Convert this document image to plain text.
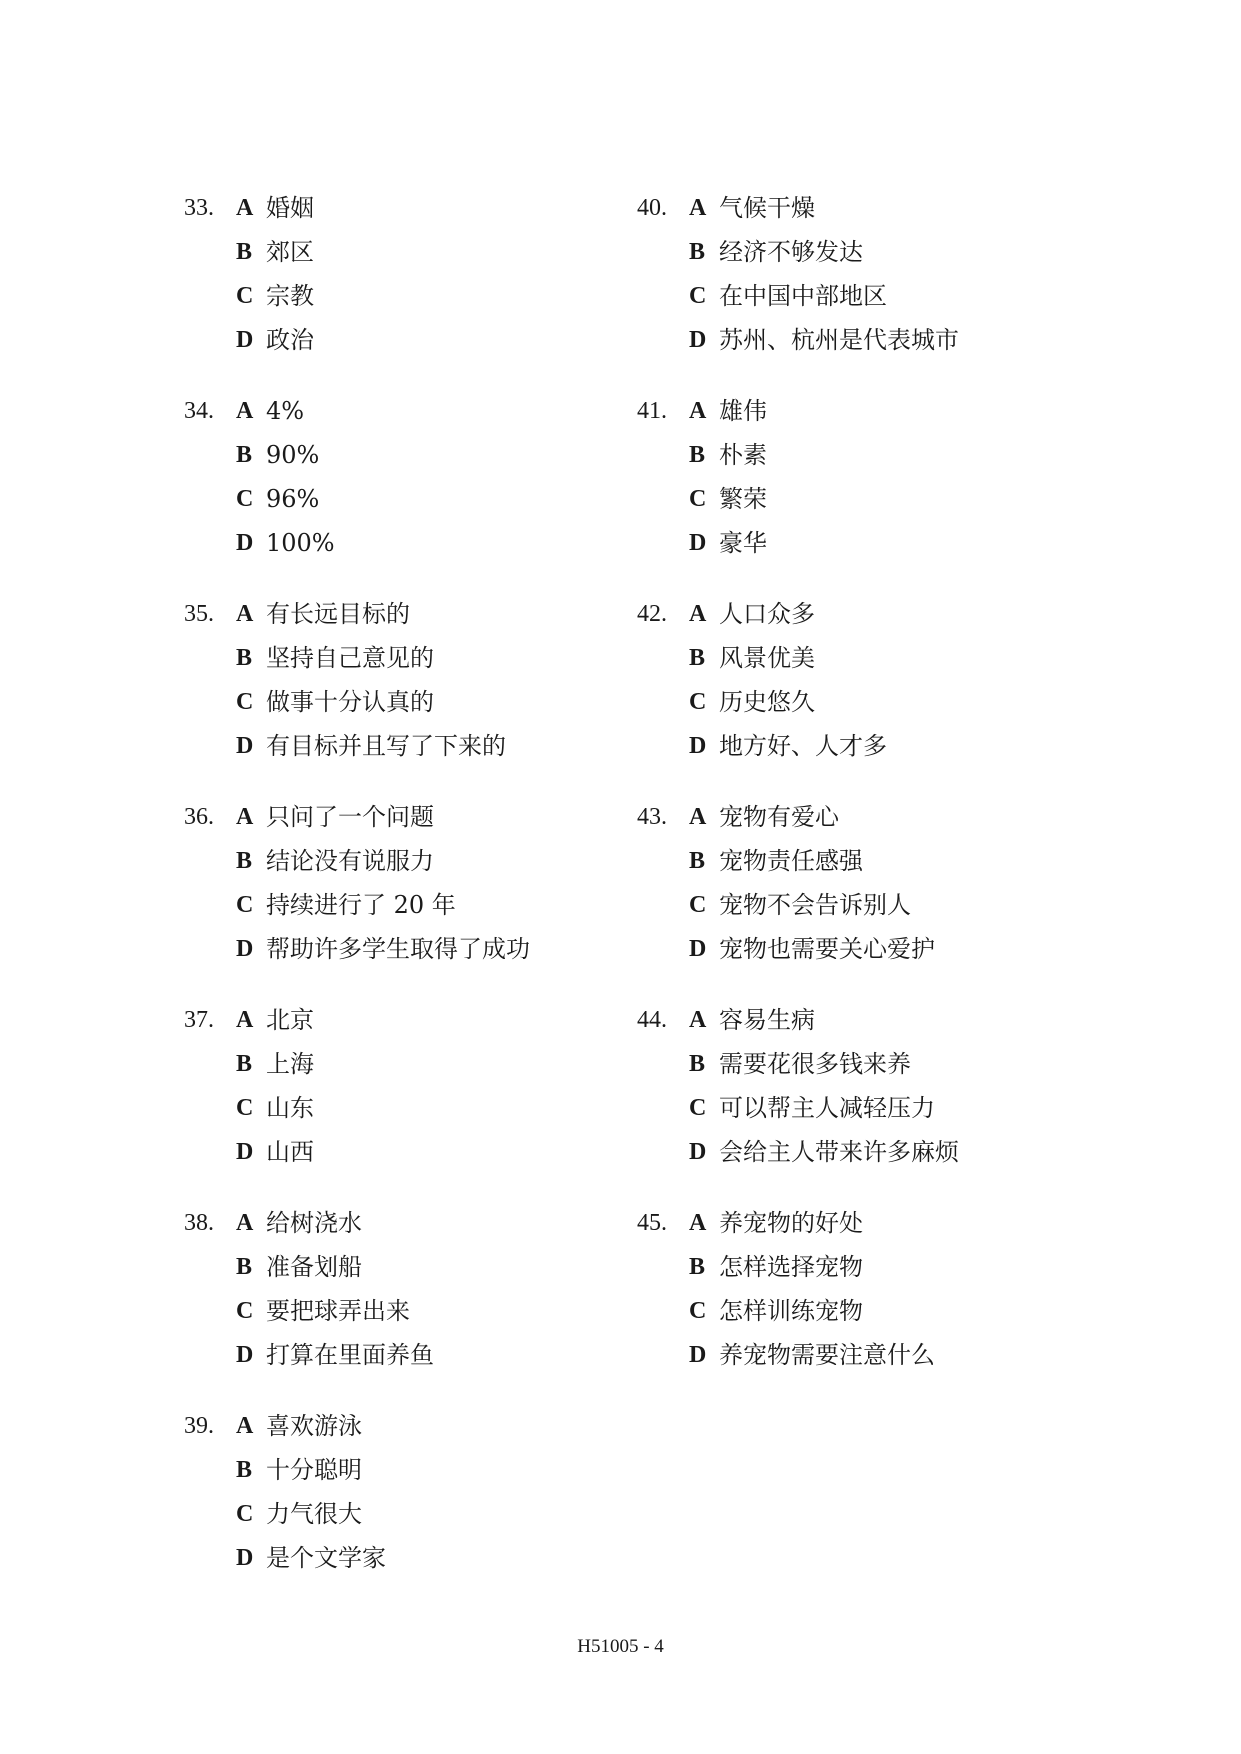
33. A 婚姻
B 郊区
C 宗教
D 政治
34. A 4%
B 90%
C 96%
D 100%
35. A 有长远目标的
B 坚持自己意见的
C 做事十分认真的
D 有目标并且写了下来的
36. A 只问了一个问题
B 结论没有说服力
C 持续进行了 20 年
D 帮助许多学生取得了成功
37. A 北京
B 上海
C 山东
D 山西
38. A 给树浇水
B 准备划船
C 要把球弄出来
D 打算在里面养鱼
39. A 喜欢游泳
B 十分聪明
C 力气很大
D 是个文学家
40. A 气候干燥
B 经济不够发达
C 在中国中部地区
D 苏州、杭州是代表城市
41. A 雄伟
B 朴素
C 繁荣
D 豪华
42. A 人口众多
B 风景优美
C 历史悠久
D 地方好、人才多
43. A 宠物有爱心
B 宠物责任感强
C 宠物不会告诉别人
D 宠物也需要关心爱护
44. A 容易生病
B 需要花很多钱来养
C 可以帮主人减轻压力
D 会给主人带来许多麻烦
45. A 养宠物的好处
B 怎样选择宠物
C 怎样训练宠物
D 养宠物需要注意什么
H51005 - 4
